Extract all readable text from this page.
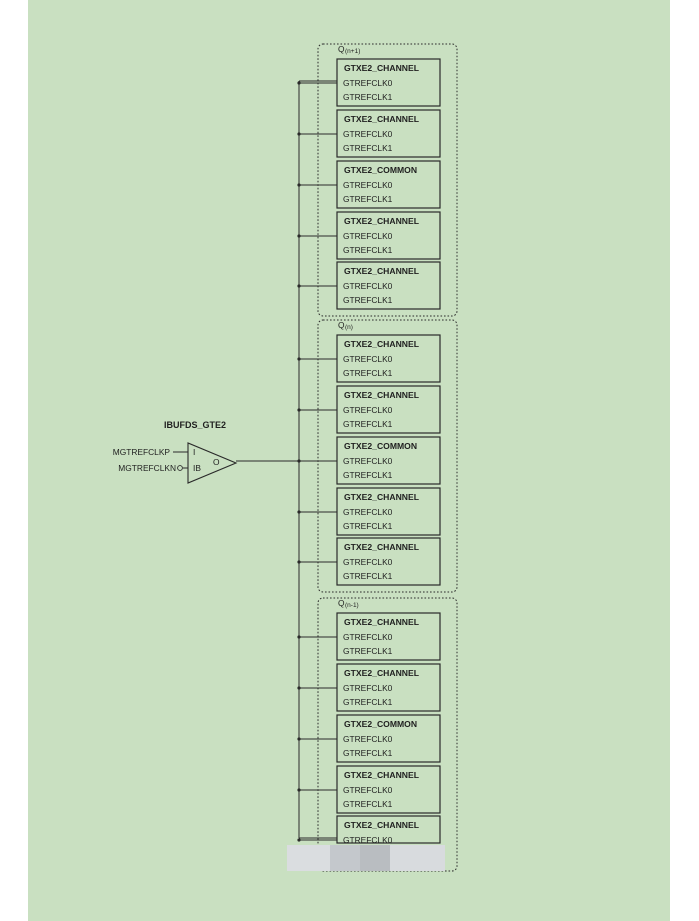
IBUFDS_GTE2
MGTREFCLKP
MGTREFCLKN
I
IB
O
Q (n+1)
GTXE2_CHANNEL
GTREFCLK0
GTREFCLK1
GTXE2_CHANNEL
GTREFCLK0
GTREFCLK1
GTXE2_COMMON
GTREFCLK0
GTREFCLK1
GTXE2_CHANNEL
GTREFCLK0
GTREFCLK1
GTXE2_CHANNEL
GTREFCLK0
GTREFCLK1
Q (n)
GTXE2_CHANNEL
GTREFCLK0
GTREFCLK1
GTXE2_CHANNEL
GTREFCLK0
GTREFCLK1
GTXE2_COMMON
GTREFCLK0
GTREFCLK1
GTXE2_CHANNEL
GTREFCLK0
GTREFCLK1
GTXE2_CHANNEL
GTREFCLK0
GTREFCLK1
Q (n-1)
GTXE2_CHANNEL
GTREFCLK0
GTREFCLK1
GTXE2_CHANNEL
GTREFCLK0
GTREFCLK1
GTXE2_COMMON
GTREFCLK0
GTREFCLK1
GTXE2_CHANNEL
GTREFCLK0
GTREFCLK1
GTXE2_CHANNEL
GTREFCLK0
